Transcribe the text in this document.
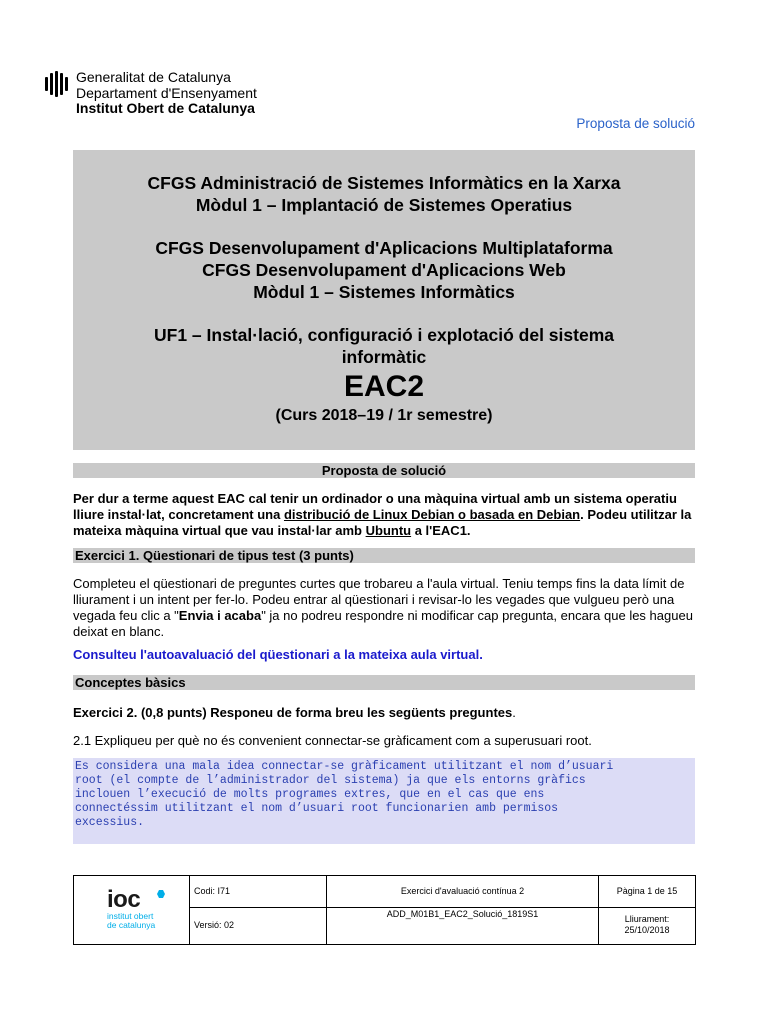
Generalitat de Catalunya
Departament d'Ensenyament
Institut Obert de Catalunya
Proposta de solució
CFGS Administració de Sistemes Informàtics en la Xarxa
Mòdul 1 – Implantació de Sistemes Operatius
CFGS Desenvolupament d'Aplicacions Multiplataforma
CFGS Desenvolupament d'Aplicacions Web
Mòdul 1 – Sistemes Informàtics
UF1 – Instal·lació, configuració i explotació del sistema
informàtic
EAC2
(Curs 2018–19 / 1r semestre)
Proposta de solució
Per dur a terme aquest EAC cal tenir un ordinador o una màquina virtual amb un sistema operatiu lliure instal·lat, concretament una distribució de Linux Debian o basada en Debian. Podeu utilitzar la mateixa màquina virtual que vau instal·lar amb Ubuntu a l'EAC1.
Exercici 1. Qüestionari de tipus test (3 punts)
Completeu el qüestionari de preguntes curtes que trobareu a l'aula virtual. Teniu temps fins la data límit de lliurament i un intent per fer-lo. Podeu entrar al qüestionari i revisar-lo les vegades que vulgueu però una vegada feu clic a "Envia i acaba" ja no podreu respondre ni modificar cap pregunta, encara que les hagueu deixat en blanc.
Consulteu l'autoavaluació del qüestionari a la mateixa aula virtual.
Conceptes bàsics
Exercici 2. (0,8 punts) Responeu de forma breu les següents preguntes.
2.1 Expliqueu per què no és convenient connectar-se gràficament com a superusuari root.
Es considera una mala idea connectar-se gràficament utilitzant el nom d’usuari
root (el compte de l’administrador del sistema) ja que els entorns gràfics
inclouen l’execució de molts programes extres, que en el cas que ens
connectéssim utilitzant el nom d’usuari root funcionarien amb permisos
excessius.
ioc
institut obert
de catalunya
Codi: I71
Versió: 02
Exercici d'avaluació contínua 2
ADD_M01B1_EAC2_Solució_1819S1
Pàgina 1 de 15
Lliurament:
25/10/2018
